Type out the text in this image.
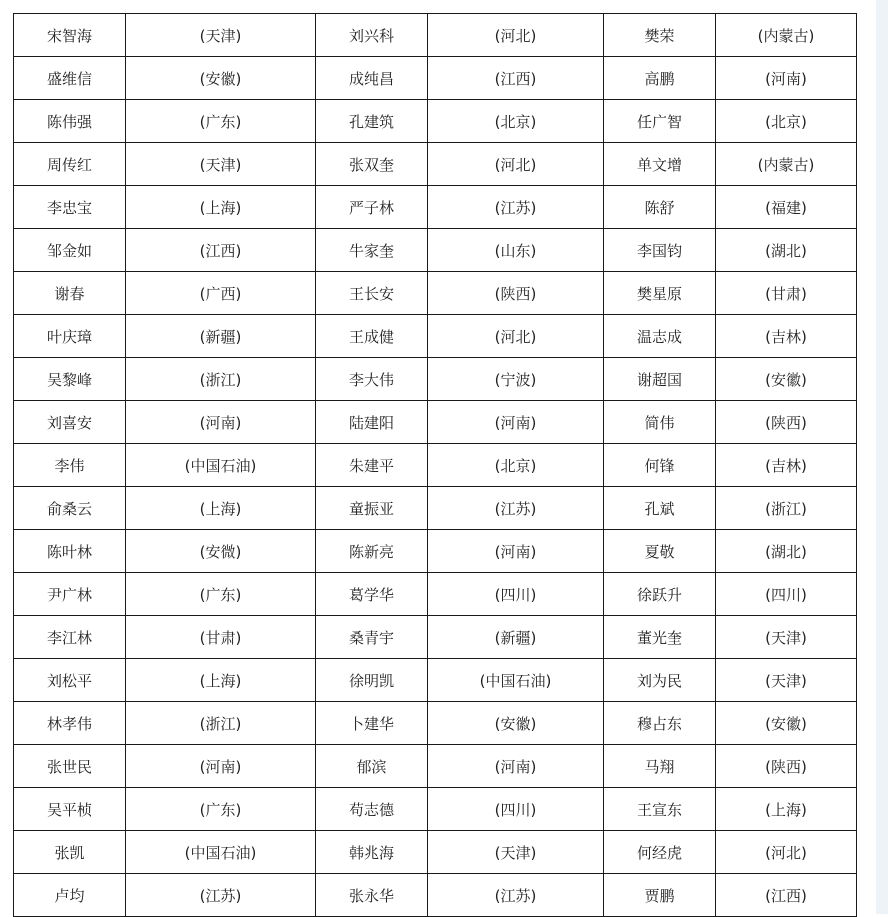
宋智海	(天津)	刘兴科	(河北)	樊荣	(内蒙古)
盛维信	(安徽)	成纯昌	(江西)	高鹏	(河南)
陈伟强	(广东)	孔建筑	(北京)	任广智	(北京)
周传红	(天津)	张双奎	(河北)	单文增	(内蒙古)
李忠宝	(上海)	严子林	(江苏)	陈舒	(福建)
邹金如	(江西)	牛家奎	(山东)	李国钧	(湖北)
谢春	(广西)	王长安	(陕西)	樊星原	(甘肃)
叶庆璋	(新疆)	王成健	(河北)	温志成	(吉林)
吴黎峰	(浙江)	李大伟	(宁波)	谢超国	(安徽)
刘喜安	(河南)	陆建阳	(河南)	简伟	(陕西)
李伟	(中国石油)	朱建平	(北京)	何锋	(吉林)
俞桑云	(上海)	童振亚	(江苏)	孔斌	(浙江)
陈叶林	(安微)	陈新亮	(河南)	夏敬	(湖北)
尹广林	(广东)	葛学华	(四川)	徐跃升	(四川)
李江林	(甘肃)	桑青宇	(新疆)	董光奎	(天津)
刘松平	(上海)	徐明凯	(中国石油)	刘为民	(天津)
林孝伟	(浙江)	卜建华	(安徽)	穆占东	(安徽)
张世民	(河南)	郁滨	(河南)	马翔	(陕西)
吴平桢	(广东)	苟志德	(四川)	王宣东	(上海)
张凯	(中国石油)	韩兆海	(天津)	何经虎	(河北)
卢均	(江苏)	张永华	(江苏)	贾鹏	(江西)
